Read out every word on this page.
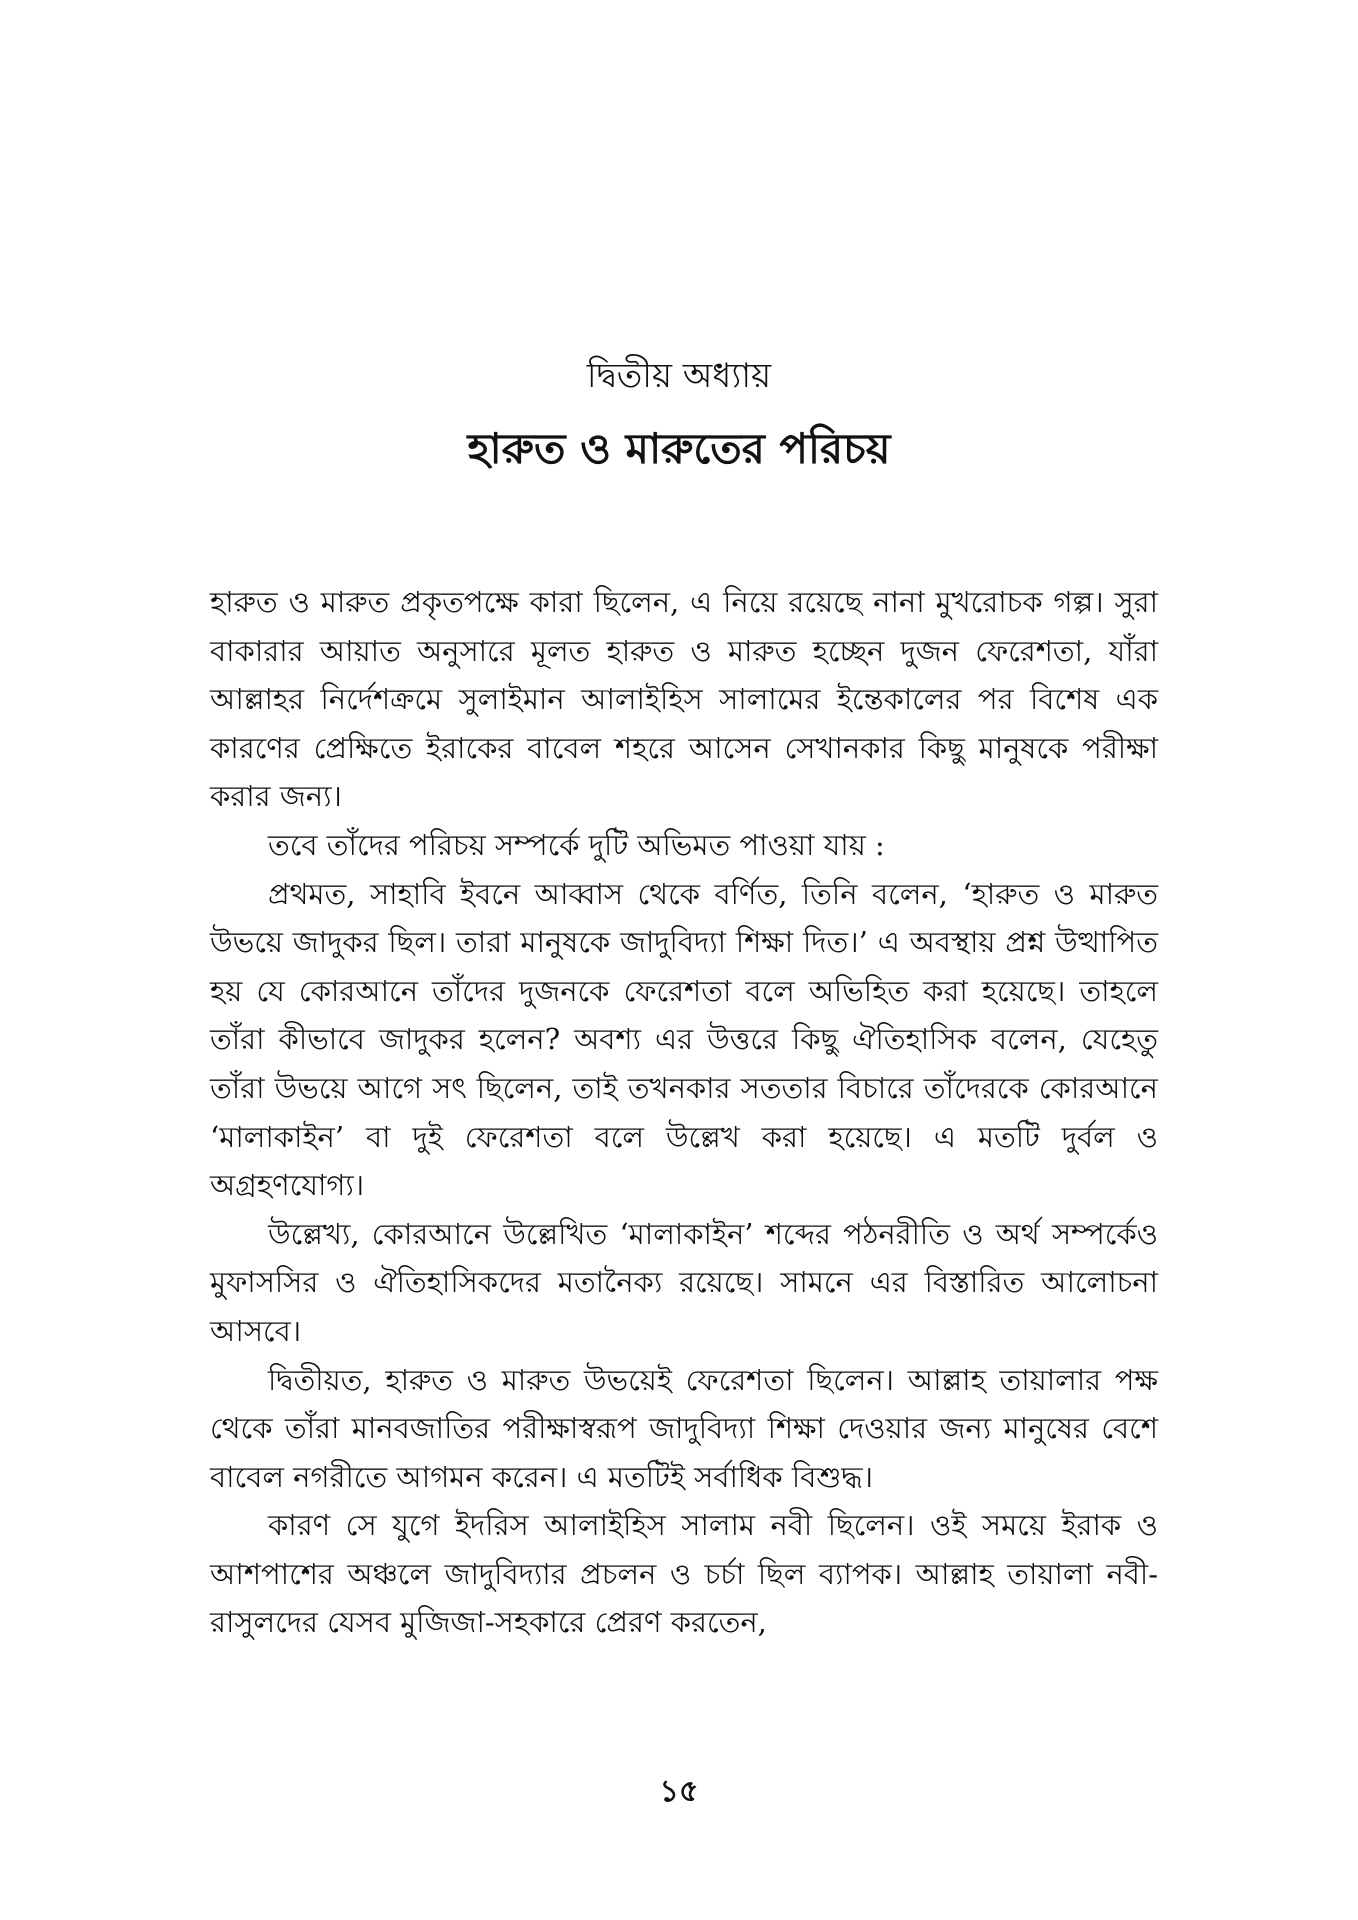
দ্বিতীয় অধ্যায়
হারুত ও মারুতের পরিচয়

হারুত ও মারুত প্রকৃতপক্ষে কারা ছিলেন, এ নিয়ে রয়েছে নানা মুখরোচক গল্প। সুরা বাকারার আয়াত অনুসারে মূলত হারুত ও মারুত হচ্ছেন দুজন ফেরেশতা, যাঁরা আল্লাহর নির্দেশক্রমে সুলাইমান আলাইহিস সালামের ইন্তেকালের পর বিশেষ এক কারণের প্রেক্ষিতে ইরাকের বাবেল শহরে আসেন সেখানকার কিছু মানুষকে পরীক্ষা করার জন্য।

তবে তাঁদের পরিচয় সম্পর্কে দুটি অভিমত পাওয়া যায় :

প্রথমত, সাহাবি ইবনে আব্বাস থেকে বর্ণিত, তিনি বলেন, ‘হারুত ও মারুত উভয়ে জাদুকর ছিল। তারা মানুষকে জাদুবিদ্যা শিক্ষা দিত।’ এ অবস্থায় প্রশ্ন উত্থাপিত হয় যে কোরআনে তাঁদের দুজনকে ফেরেশতা বলে অভিহিত করা হয়েছে। তাহলে তাঁরা কীভাবে জাদুকর হলেন? অবশ্য এর উত্তরে কিছু ঐতিহাসিক বলেন, যেহেতু তাঁরা উভয়ে আগে সৎ ছিলেন, তাই তখনকার সততার বিচারে তাঁদেরকে কোরআনে ‘মালাকাইন’ বা দুই ফেরেশতা বলে উল্লেখ করা হয়েছে। এ মতটি দুর্বল ও অগ্রহণযোগ্য।

উল্লেখ্য, কোরআনে উল্লেখিত ‘মালাকাইন’ শব্দের পঠনরীতি ও অর্থ সম্পর্কেও মুফাসসির ও ঐতিহাসিকদের মতানৈক্য রয়েছে। সামনে এর বিস্তারিত আলোচনা আসবে।

দ্বিতীয়ত, হারুত ও মারুত উভয়েই ফেরেশতা ছিলেন। আল্লাহ তায়ালার পক্ষ থেকে তাঁরা মানবজাতির পরীক্ষাস্বরূপ জাদুবিদ্যা শিক্ষা দেওয়ার জন্য মানুষের বেশে বাবেল নগরীতে আগমন করেন। এ মতটিই সর্বাধিক বিশুদ্ধ।

কারণ সে যুগে ইদরিস আলাইহিস সালাম নবী ছিলেন। ওই সময়ে ইরাক ও আশপাশের অঞ্চলে জাদুবিদ্যার প্রচলন ও চর্চা ছিল ব্যাপক। আল্লাহ তায়ালা নবী-রাসুলদের যেসব মুজিজা-সহকারে প্রেরণ করতেন,

১৫
